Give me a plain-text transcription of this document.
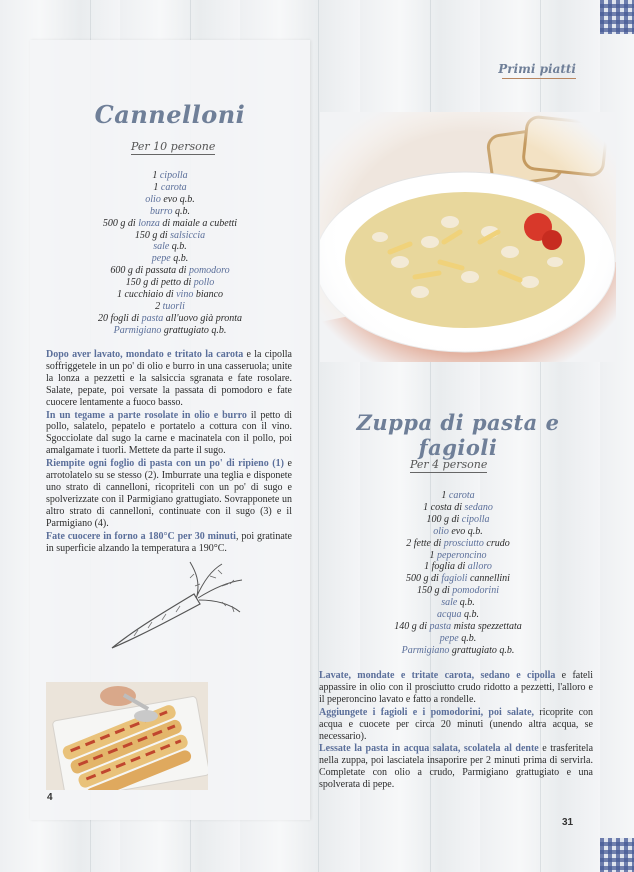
Cannelloni
Per 10 persone
1 cipolla
1 carota
olio evo q.b.
burro q.b.
500 g di lonza di maiale a cubetti
150 g di salsiccia
sale q.b.
pepe q.b.
600 g di passata di pomodoro
150 g di petto di pollo
1 cucchiaio di vino bianco
2 tuorli
20 fogli di pasta all'uovo già pronta
Parmigiano grattugiato q.b.
Dopo aver lavato, mondato e tritato la carota e la cipolla soffriggetele in un po' di olio e burro in una casseruola; unite la lonza a pezzetti e la salsiccia sgranata e fate rosolare. Salate, pepate, poi versate la passata di pomodoro e fate cuocere lentamente a fuoco basso.
In un tegame a parte rosolate in olio e burro il petto di pollo, salatelo, pepatelo e portatelo a cottura con il vino. Sgocciolate dal sugo la carne e macinatela con il pollo, poi amalgamate i tuorli. Mettete da parte il sugo.
Riempite ogni foglio di pasta con un po' di ripieno (1) e arrotolatelo su se stesso (2). Imburrate una teglia e disponete uno strato di cannelloni, ricopriteli con un po' di sugo e spolverizzate con il Parmigiano grattugiato. Sovrapponete un altro strato di cannelloni, continuate con il sugo (3) e il Parmigiano (4).
Fate cuocere in forno a 180°C per 30 minuti, poi gratinate in superficie alzando la temperatura a 190°C.
4
Primi piatti
Zuppa di pasta e fagioli
Per 4 persone
1 carota
1 costa di sedano
100 g di cipolla
olio evo q.b.
2 fette di prosciutto crudo
1 peperoncino
1 foglia di alloro
500 g di fagioli cannellini
150 g di pomodorini
sale q.b.
acqua q.b.
140 g di pasta mista spezzettata
pepe q.b.
Parmigiano grattugiato q.b.
Lavate, mondate e tritate carota, sedano e cipolla e fateli appassire in olio con il prosciutto crudo ridotto a pezzetti, l'alloro e il peperoncino lavato e fatto a rondelle.
Aggiungete i fagioli e i pomodorini, poi salate, ricoprite con acqua e cuocete per circa 20 minuti (unendo altra acqua, se necessario).
Lessate la pasta in acqua salata, scolatela al dente e trasferitela nella zuppa, poi lasciatela insaporire per 2 minuti prima di servirla. Completate con olio a crudo, Parmigiano grattugiato e una spolverata di pepe.
31
